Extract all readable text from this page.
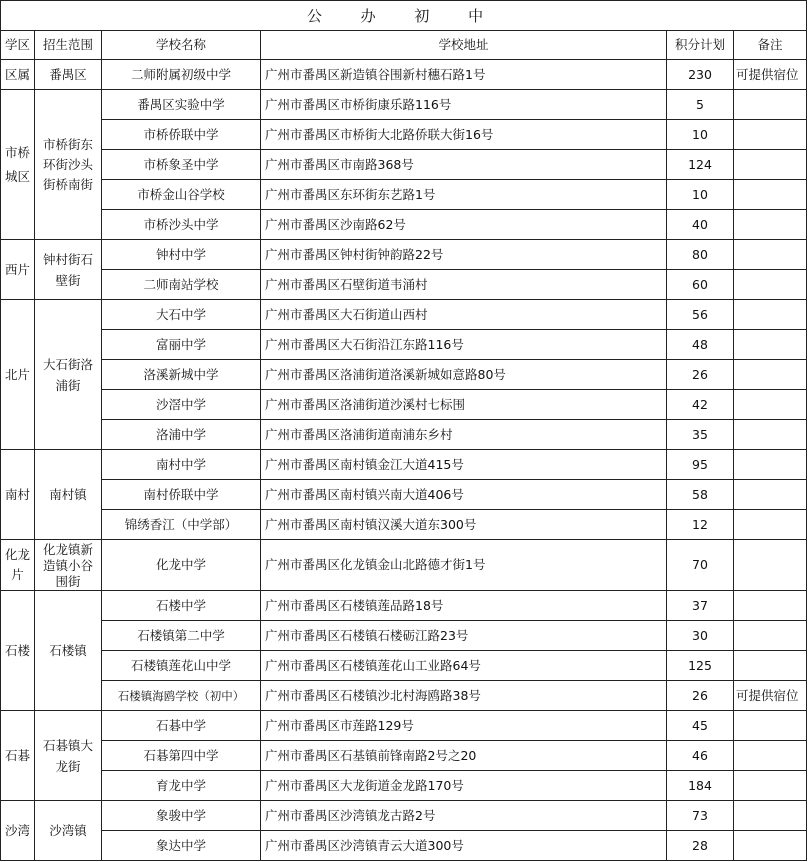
公 办 初 中					
学区	招生范围	学校名称	学校地址	积分计划	备注
区属	番禺区	二师附属初级中学	广州市番禺区新造镇谷围新村穗石路1号	230	可提供宿位
市桥城区	市桥街东环街沙头街桥南街	番禺区实验中学	广州市番禺区市桥街康乐路116号	5	
		市桥侨联中学	广州市番禺区市桥街大北路侨联大街16号	10	
		市桥象圣中学	广州市番禺区市南路368号	124	
		市桥金山谷学校	广州市番禺区东环街东艺路1号	10	
		市桥沙头中学	广州市番禺区沙南路62号	40	
西片	钟村街石壁街	钟村中学	广州市番禺区钟村街钟韵路22号	80	
		二师南站学校	广州市番禺区石壁街道韦涌村	60	
北片	大石街洛浦街	大石中学	广州市番禺区大石街道山西村	56	
		富丽中学	广州市番禺区大石街沿江东路116号	48	
		洛溪新城中学	广州市番禺区洛浦街道洛溪新城如意路80号	26	
		沙滘中学	广州市番禺区洛浦街道沙溪村七标围	42	
		洛浦中学	广州市番禺区洛浦街道南浦东乡村	35	
南村	南村镇	南村中学	广州市番禺区南村镇金江大道415号	95	
		南村侨联中学	广州市番禺区南村镇兴南大道406号	58	
		锦绣香江（中学部）	广州市番禺区南村镇汉溪大道东300号	12	
化龙片	化龙镇新造镇小谷围街	化龙中学	广州市番禺区化龙镇金山北路德才街1号	70	
石楼	石楼镇	石楼中学	广州市番禺区石楼镇莲品路18号	37	
		石楼镇第二中学	广州市番禺区石楼镇石楼砺江路23号	30	
		石楼镇莲花山中学	广州市番禺区石楼镇莲花山工业路64号	125	
		石楼镇海鸥学校（初中）	广州市番禺区石楼镇沙北村海鸥路38号	26	可提供宿位
石碁	石碁镇大龙街	石碁中学	广州市番禺区市莲路129号	45	
		石碁第四中学	广州市番禺区石基镇前锋南路2号之20	46	
		育龙中学	广州市番禺区大龙街道金龙路170号	184	
沙湾	沙湾镇	象骏中学	广州市番禺区沙湾镇龙古路2号	73	
		象达中学	广州市番禺区沙湾镇青云大道300号	28	
